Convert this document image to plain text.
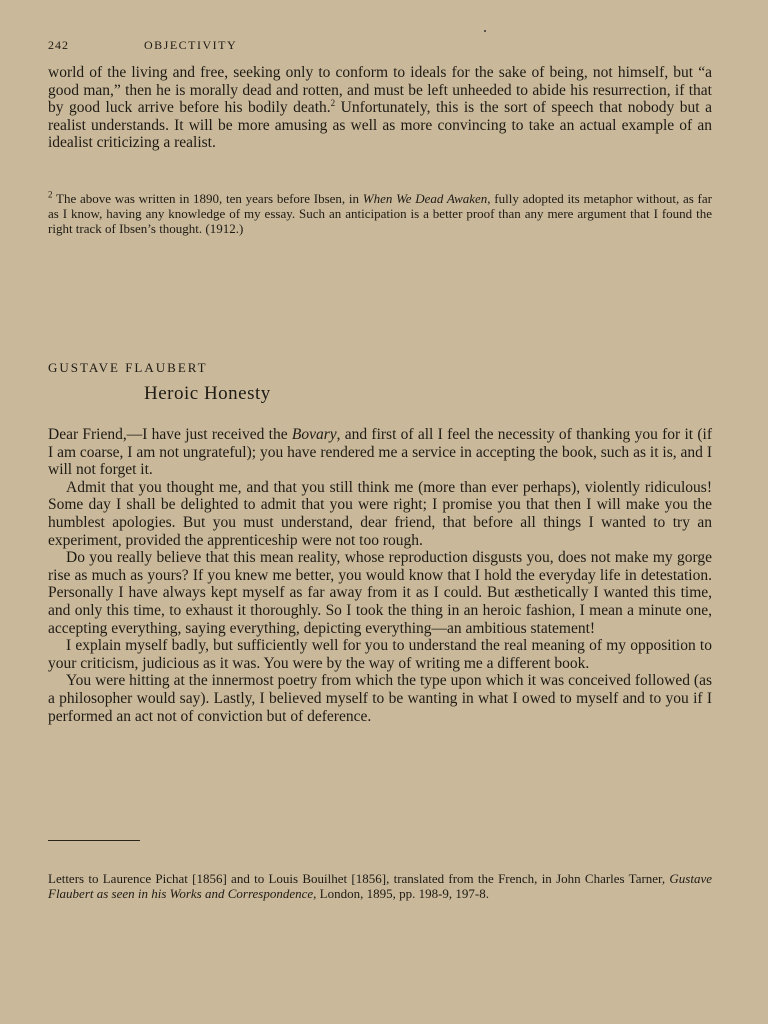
242	OBJECTIVITY

world of the living and free, seeking only to conform to ideals for the sake of being, not himself, but “a good man,” then he is morally dead and rotten, and must be left unheeded to abide his resurrection, if that by good luck arrive before his bodily death.$^2$ Unfortunately, this is the sort of speech that nobody but a realist understands. It will be more amusing as well as more convincing to take an actual example of an idealist criticizing a realist.

$^2$ The above was written in 1890, ten years before Ibsen, in When We Dead Awaken, fully adopted its metaphor without, as far as I know, having any knowledge of my essay. Such an anticipation is a better proof than any mere argument that I found the right track of Ibsen’s thought. (1912.)

GUSTAVE FLAUBERT
Heroic Honesty

Dear Friend,—I have just received the Bovary, and first of all I feel the necessity of thanking you for it (if I am coarse, I am not ungrateful); you have rendered me a service in accepting the book, such as it is, and I will not forget it.

Admit that you thought me, and that you still think me (more than ever perhaps), violently ridiculous! Some day I shall be delighted to admit that you were right; I promise you that then I will make you the humblest apologies. But you must understand, dear friend, that before all things I wanted to try an experiment, provided the apprenticeship were not too rough.

Do you really believe that this mean reality, whose reproduction disgusts you, does not make my gorge rise as much as yours? If you knew me better, you would know that I hold the everyday life in detestation. Personally I have always kept myself as far away from it as I could. But æsthetically I wanted this time, and only this time, to exhaust it thoroughly. So I took the thing in an heroic fashion, I mean a minute one, accepting everything, saying everything, depicting everything—an ambitious statement!

I explain myself badly, but sufficiently well for you to understand the real meaning of my opposition to your criticism, judicious as it was. You were by the way of writing me a different book.

You were hitting at the innermost poetry from which the type upon which it was conceived followed (as a philosopher would say). Lastly, I believed myself to be wanting in what I owed to myself and to you if I performed an act not of conviction but of deference.

Letters to Laurence Pichat [1856] and to Louis Bouilhet [1856], translated from the French, in John Charles Tarner, Gustave Flaubert as seen in his Works and Correspondence, London, 1895, pp. 198-9, 197-8.
